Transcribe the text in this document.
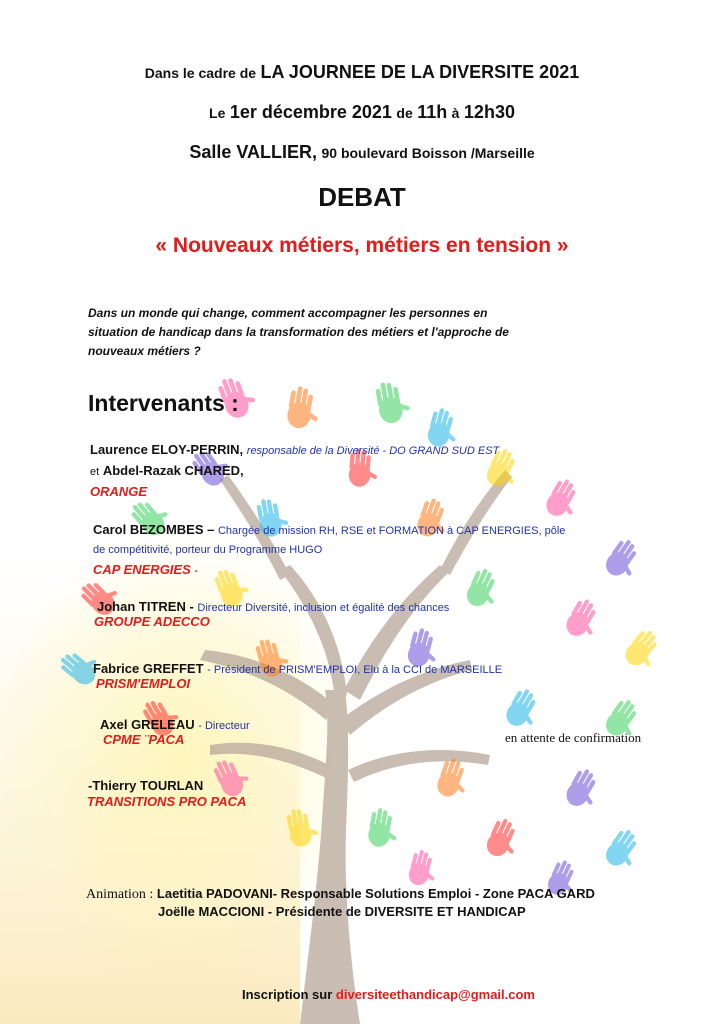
Dans le cadre de LA JOURNEE DE LA DIVERSITE 2021
Le 1er décembre 2021 de 11h à 12h30
Salle VALLIER, 90 boulevard Boisson /Marseille
DEBAT
« Nouveaux métiers, métiers en tension »
Dans un monde qui change, comment accompagner les personnes en
situation de handicap dans la transformation des métiers et l'approche de
nouveaux métiers ?
Intervenants :
Laurence ELOY-PERRIN, responsable de la Diversité - DO GRAND SUD EST
et Abdel-Razak CHARED,
ORANGE
Carol BEZOMBES – Chargée de mission RH, RSE et FORMATION à CAP ENERGIES, pôle
de compétitivité, porteur du Programme HUGO
CAP ENERGIES -
Johan TITREN - Directeur Diversité, inclusion et égalité des chances
GROUPE ADECCO
Fabrice GREFFET - Président de PRISM'EMPLOI, Elu à la CCI de MARSEILLE
PRISM'EMPLOI
Axel GRELEAU - Directeur
CPME ¨PACA	en attente de confirmation
-Thierry TOURLAN
TRANSITIONS PRO PACA
Animation : Laetitia PADOVANI- Responsable Solutions Emploi - Zone PACA GARD
Joëlle MACCIONI - Présidente de DIVERSITE ET HANDICAP
Inscription sur diversiteethandicap@gmail.com
